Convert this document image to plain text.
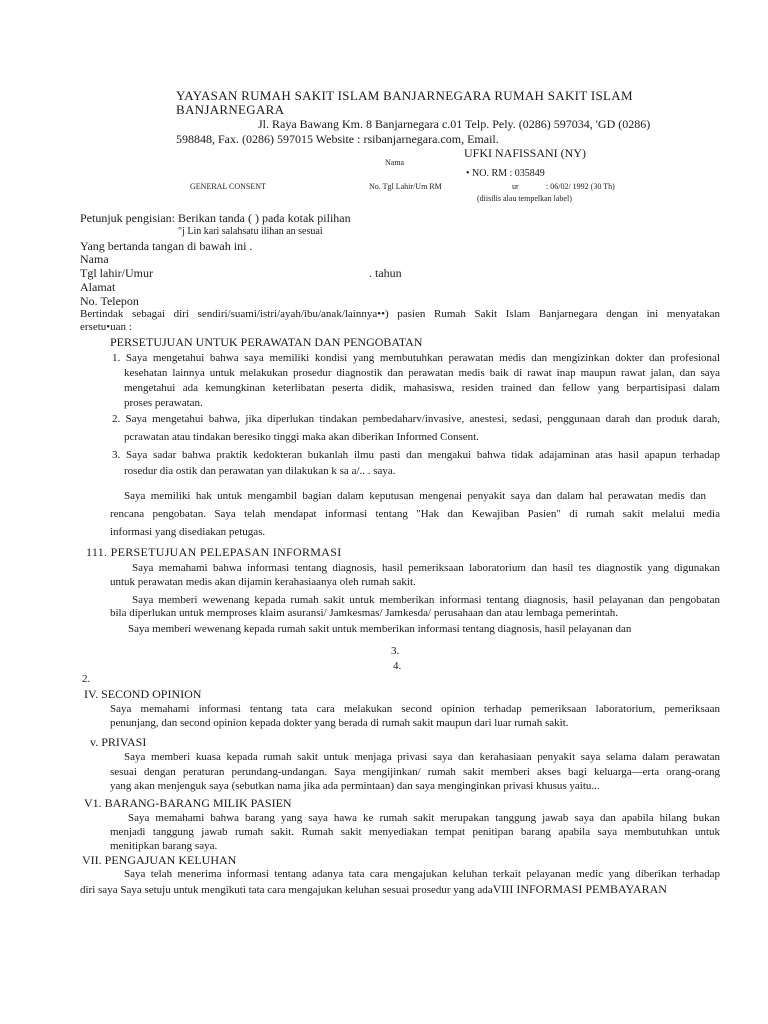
YAYASAN RUMAH SAKIT ISLAM BANJARNEGARA RUMAH SAKIT ISLAM
BANJARNEGARA
Jl. Raya Bawang Km. 8 Banjarnegara c.01 Telp. Pely. (0286) 597034, 'GD (0286)
598848, Fax. (0286) 597015 Website : rsibanjarnegara.com, Email.
UFKI NAFISSANI (NY)
Nama
• NO. RM : 035849
GENERAL CONSENT	No. Tgl Lahir/Um RM	ur	: 06/02/ 1992 (30 Th)
(diisilis alau tempelkan label)
Petunjuk pengisian: Berikan tanda ( ) pada kotak pilihan
"j Lin kari salahsatu ilihan an sesuai
Yang bertanda tangan di bawah ini .
Nama
Tgl lahir/Umur	. tahun
Alamat
No. Telepon
Bertindak sebagai diri sendiri/suami/istri/ayah/ibu/anak/lainnya••) pasien Rumah Sakit Islam Banjarnegara dengan ini menyatakan
ersetu•uan :
PERSETUJUAN UNTUK PERAWATAN DAN PENGOBATAN
1. Saya mengetahui bahwa saya memiliki kondisi yang membutuhkan perawatan medis dan mengizinkan dokter dan profesional
kesehatan lainnya untuk melakukan prosedur diagnostik dan perawatan medis baik di rawat inap maupun rawat jalan, dan saya
mengetahui ada kemungkinan keterlibatan peserta didik, mahasiswa, residen trained dan fellow yang berpartisipasi dalam
proses perawatan.
2. Saya mengetahui bahwa, jika diperlukan tindakan pembedaharv/invasive, anestesi, sedasi, penggunaan darah dan produk darah,
pcrawatan atau tindakan beresiko tinggi maka akan diberikan Informed Consent.
3. Saya sadar bahwa praktik kedokteran bukanlah ilmu pasti dan mengakui bahwa tidak adajaminan atas hasil apapun terhadap
rosedur dia ostik dan perawatan yan dilakukan k sa a/.. . saya.
Saya memiliki hak untuk mengambil bagian dalam keputusan mengenai penyakit saya dan dalam hal perawatan medis dan
rencana pengobatan. Saya telah mendapat informasi tentang "Hak dan Kewajiban Pasien" di rumah sakit melalui media
informasi yang disediakan petugas.
111. PERSETUJUAN PELEPASAN INFORMASI
Saya memahami bahwa informasi tentang diagnosis, hasil pemeriksaan laboratorium dan hasil tes diagnostik yang digunakan
untuk perawatan medis akan dijamin kerahasiaanya oleh rumah sakit.
Saya memberi wewenang kepada rumah sakit untuk memberikan informasi tentang diagnosis, hasil pelayanan dan pengobatan
bila diperlukan untuk memproses klaim asuransi/ Jamkesmas/ Jamkesda/ perusahaan dan atau lembaga pemerintah.
Saya memberi wewenang kepada rumah sakit untuk memberikan informasi tentang diagnosis, hasil pelayanan dan
3.
4.
2.
IV. SECOND OPINION
Saya memahami informasi tentang tata cara melakukan second opinion terhadap pemeriksaan laboratorium, pemeriksaan
penunjang, dan second opinion kepada dokter yang berada di rumah sakit maupun dari luar rumah sakit.
v. PRIVASI
Saya memberi kuasa kepada rumah sakit untuk menjaga privasi saya dan kerahasiaan penyakit saya selama dalam perawatan
sesuai dengan peraturan perundang-undangan. Saya mengijinkan/ rumah sakit memberi akses bagi keluarga—erta orang-orang
yang akan menjenguk saya (sebutkan nama jika ada permintaan) dan saya menginginkan privasi khusus yaitu...
V1. BARANG-BARANG MILIK PASIEN
Saya memahami bahwa barang yang saya hawa ke rumah sakit merupakan tanggung jawab saya dan apabila hilang bukan
menjadi tanggung jawab rumah sakit. Rumah sakit menyediakan tempat penitipan barang apabila saya membutuhkan untuk
menitipkan barang saya.
VII. PENGAJUAN KELUHAN
Saya telah menerima informasi tentang adanya tata cara mengajukan keluhan terkait pelayanan medic yang diberikan terhadap
diri saya Saya setuju untuk mengikuti tata cara mengajukan keluhan sesuai prosedur yang adaVIII INFORMASI PEMBAYARAN
